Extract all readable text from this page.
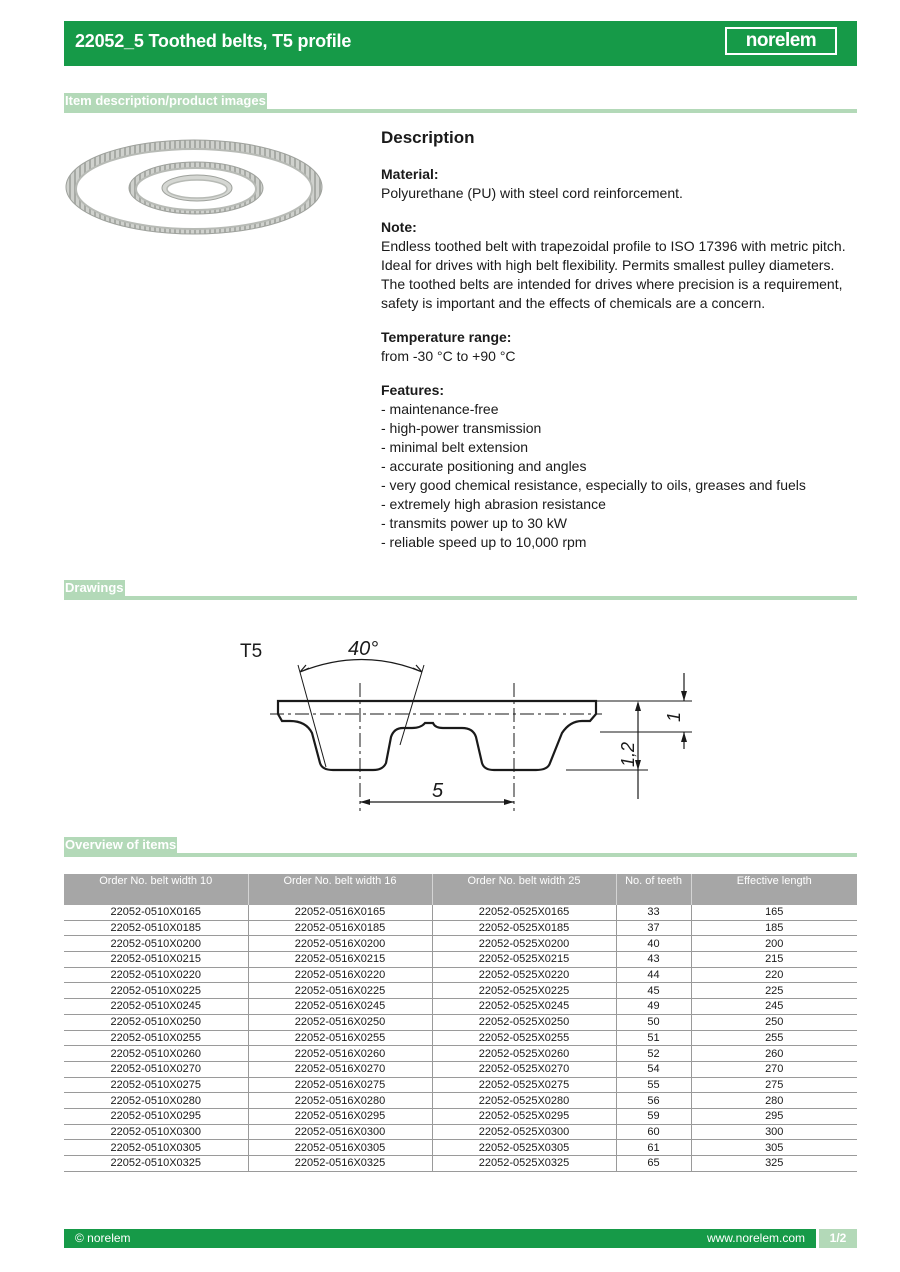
22052_5 Toothed belts, T5 profile	norelem
Item description/product images
Description
Material:
Polyurethane (PU) with steel cord reinforcement.
Note:
Endless toothed belt with trapezoidal profile to ISO 17396 with metric pitch. Ideal for drives with high belt flexibility. Permits smallest pulley diameters. The toothed belts are intended for drives where precision is a requirement, safety is important and the effects of chemicals are a concern.
Temperature range:
from -30 °C to +90 °C
Features:
- maintenance-free
- high-power transmission
- minimal belt extension
- accurate positioning and angles
- very good chemical resistance, especially to oils, greases and fuels
- extremely high abrasion resistance
- transmits power up to 30 kW
- reliable speed up to 10,000 rpm
Drawings
T5	40°
5
1,2
1
Overview of items
Order No. belt width 10	Order No. belt width 16	Order No. belt width 25	No. of teeth	Effective length
22052-0510X0165	22052-0516X0165	22052-0525X0165	33	165
22052-0510X0185	22052-0516X0185	22052-0525X0185	37	185
22052-0510X0200	22052-0516X0200	22052-0525X0200	40	200
22052-0510X0215	22052-0516X0215	22052-0525X0215	43	215
22052-0510X0220	22052-0516X0220	22052-0525X0220	44	220
22052-0510X0225	22052-0516X0225	22052-0525X0225	45	225
22052-0510X0245	22052-0516X0245	22052-0525X0245	49	245
22052-0510X0250	22052-0516X0250	22052-0525X0250	50	250
22052-0510X0255	22052-0516X0255	22052-0525X0255	51	255
22052-0510X0260	22052-0516X0260	22052-0525X0260	52	260
22052-0510X0270	22052-0516X0270	22052-0525X0270	54	270
22052-0510X0275	22052-0516X0275	22052-0525X0275	55	275
22052-0510X0280	22052-0516X0280	22052-0525X0280	56	280
22052-0510X0295	22052-0516X0295	22052-0525X0295	59	295
22052-0510X0300	22052-0516X0300	22052-0525X0300	60	300
22052-0510X0305	22052-0516X0305	22052-0525X0305	61	305
22052-0510X0325	22052-0516X0325	22052-0525X0325	65	325
© norelem	www.norelem.com	1/2
